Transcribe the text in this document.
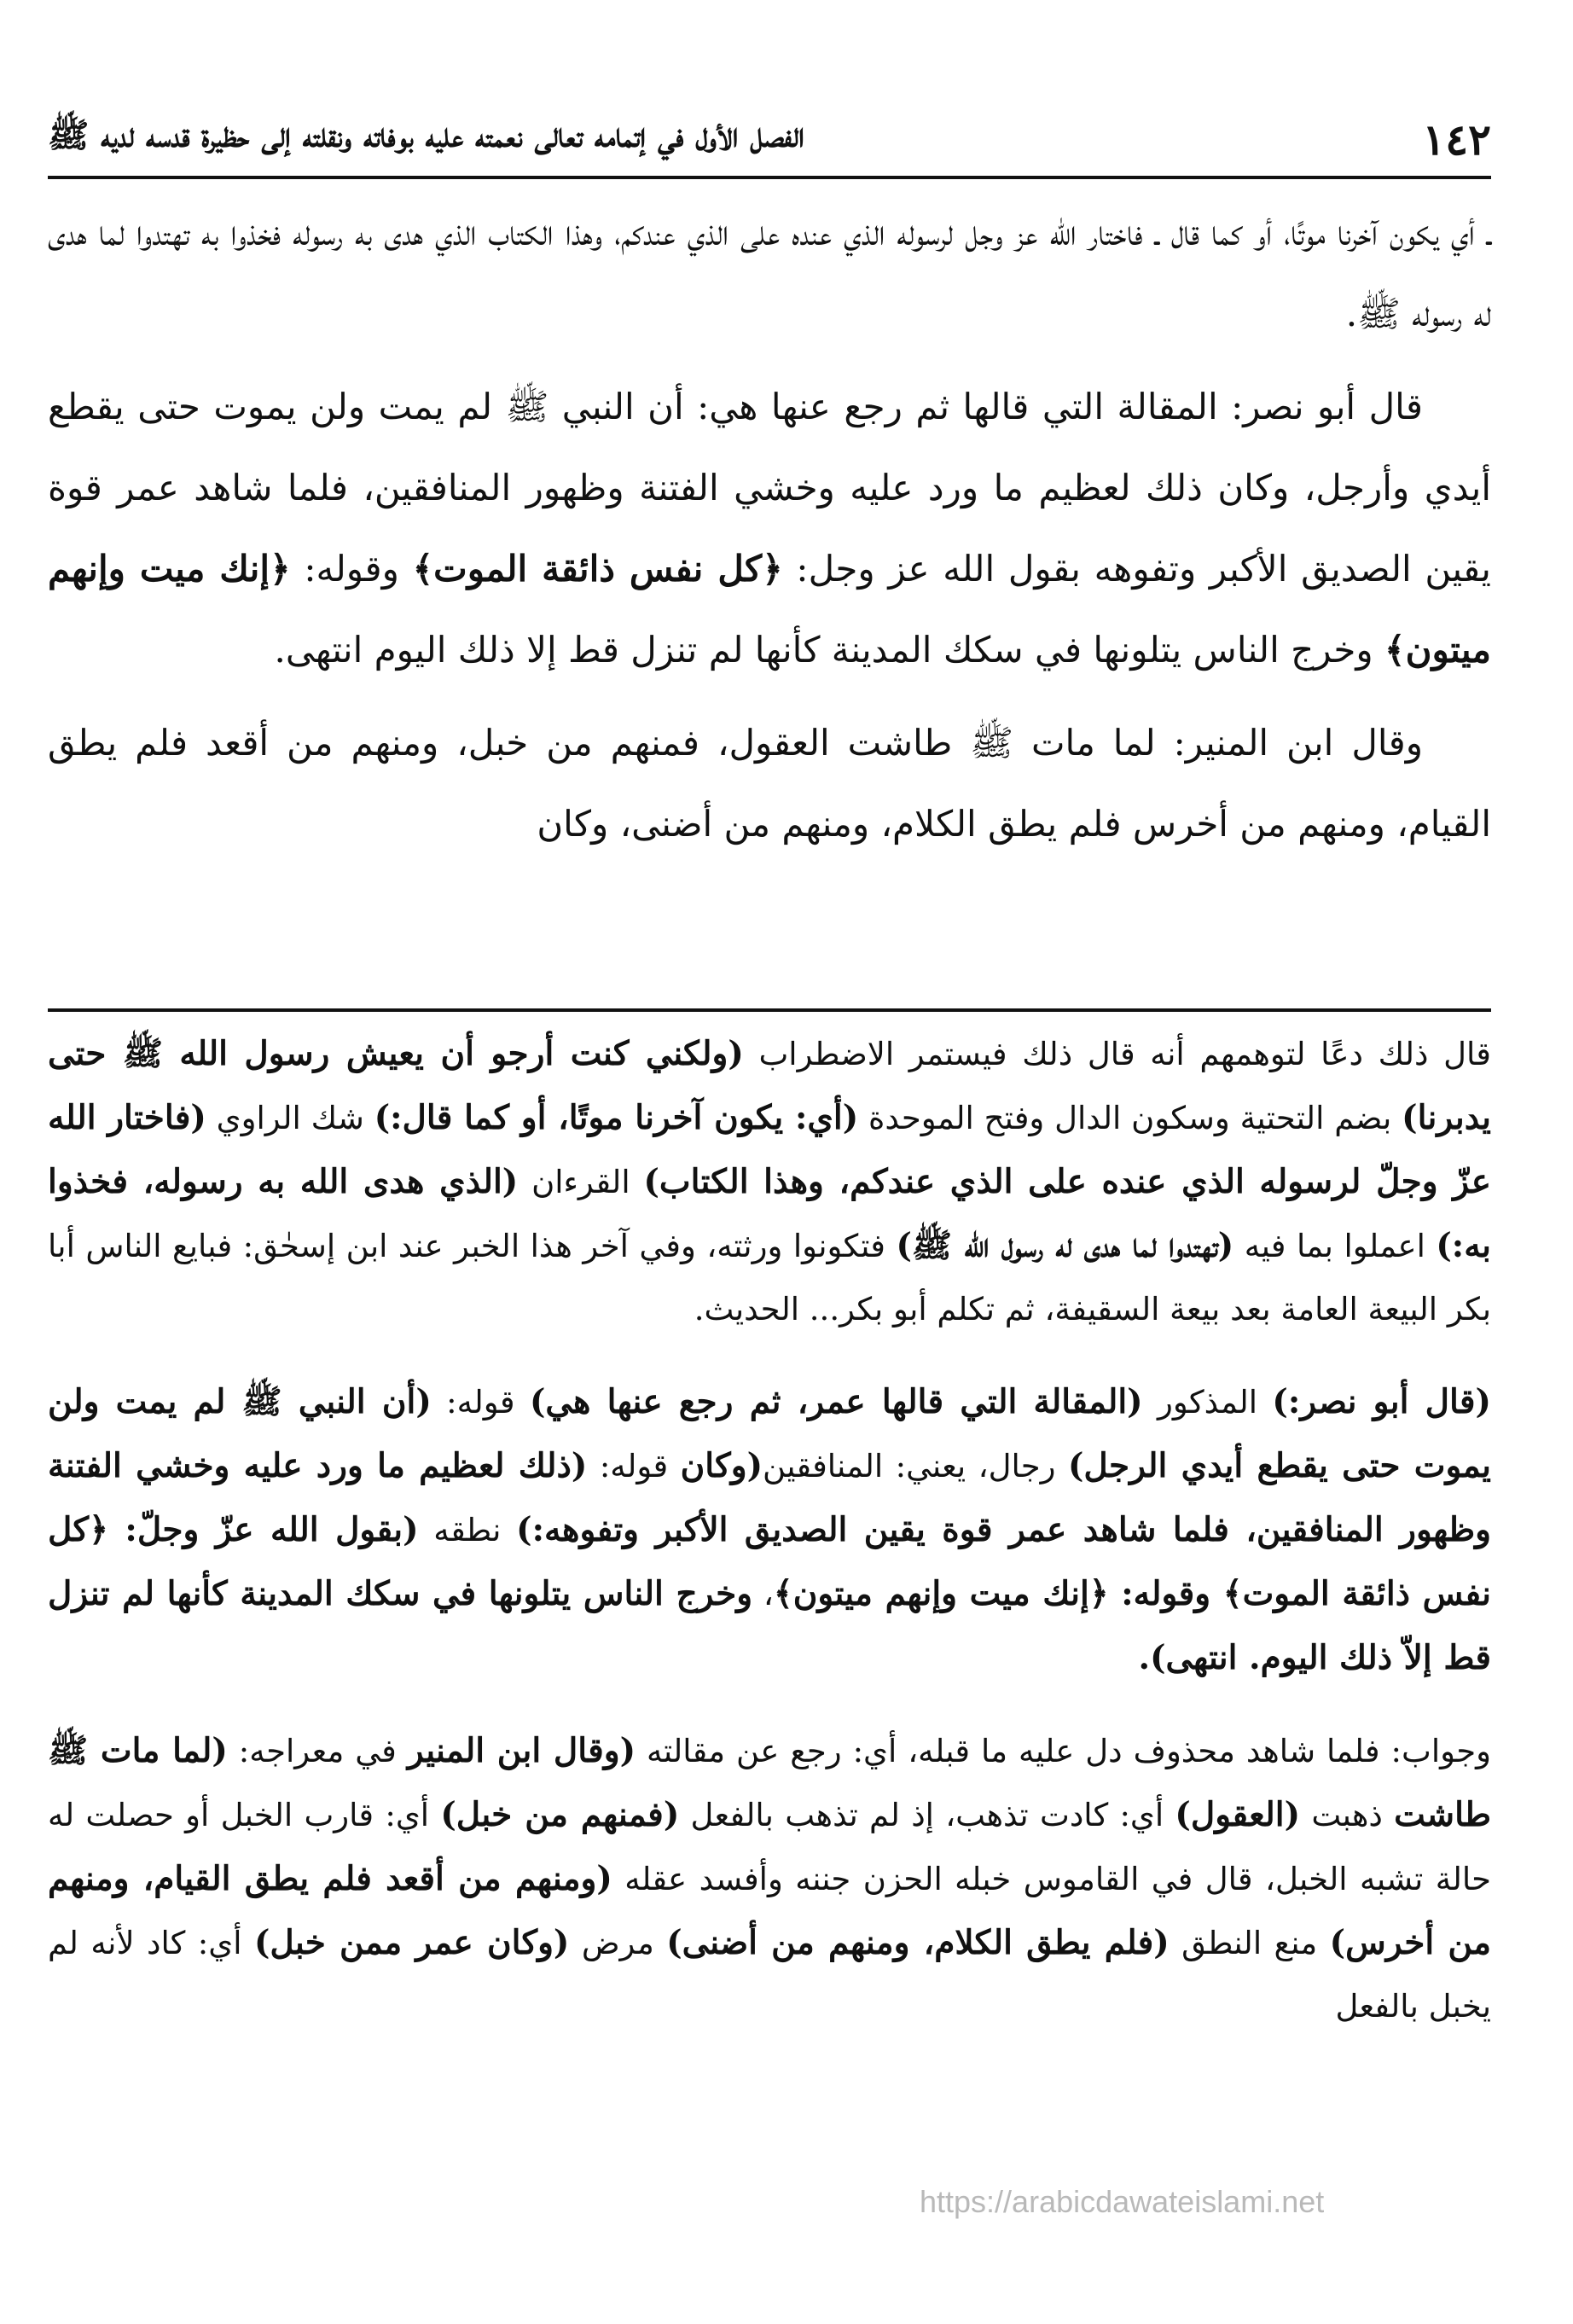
١٤٢
الفصل الأول في إتمامه تعالى نعمته عليه بوفاته ونقلته إلى حظيرة قدسه لديه ﷺ

ـ أي يكون آخرنا موتًا، أو كما قال ـ فاختار الله عز وجل لرسوله الذي عنده على الذي عندكم، وهذا الكتاب الذي هدى به رسوله فخذوا به تهتدوا لما هدى له رسوله ﷺ.

قال أبو نصر: المقالة التي قالها ثم رجع عنها هي: أن النبي ﷺ لم يمت ولن يموت حتى يقطع أيدي وأرجل، وكان ذلك لعظيم ما ورد عليه وخشي الفتنة وظهور المنافقين، فلما شاهد عمر قوة يقين الصديق الأكبر وتفوهه بقول الله عز وجل: ﴿كل نفس ذائقة الموت﴾ وقوله: ﴿إنك ميت وإنهم ميتون﴾ وخرج الناس يتلونها في سكك المدينة كأنها لم تنزل قط إلا ذلك اليوم انتهى.

وقال ابن المنير: لما مات ﷺ طاشت العقول، فمنهم من خبل، ومنهم من أقعد فلم يطق القيام، ومنهم من أخرس فلم يطق الكلام، ومنهم من أضنى، وكان

قال ذلك دعًا لتوهمهم أنه قال ذلك فيستمر الاضطراب (ولكني كنت أرجو أن يعيش رسول الله ﷺ حتى يدبرنا) بضم التحتية وسكون الدال وفتح الموحدة (أي: يكون آخرنا موتًا، أو كما قال:) شك الراوي (فاختار الله عزّ وجلّ لرسوله الذي عنده على الذي عندكم، وهذا الكتاب) القرءان (الذي هدى الله به رسوله، فخذوا به:) اعملوا بما فيه (تهتدوا لما هدى له رسول الله ﷺ) فتكونوا ورثته، وفي آخر هذا الخبر عند ابن إسحٰق: فبايع الناس أبا بكر البيعة العامة بعد بيعة السقيفة، ثم تكلم أبو بكر... الحديث.

(قال أبو نصر:) المذكور (المقالة التي قالها عمر، ثم رجع عنها هي) قوله: (أن النبي ﷺ لم يمت ولن يموت حتى يقطع أيدي الرجل) رجال، يعني: المنافقين(وكان قوله: (ذلك لعظيم ما ورد عليه وخشي الفتنة وظهور المنافقين، فلما شاهد عمر قوة يقين الصديق الأكبر وتفوهه:) نطقه (بقول الله عزّ وجلّ: ﴿كل نفس ذائقة الموت﴾ وقوله: ﴿إنك ميت وإنهم ميتون﴾، وخرج الناس يتلونها في سكك المدينة كأنها لم تنزل قط إلاّ ذلك اليوم. انتهى).

وجواب: فلما شاهد محذوف دل عليه ما قبله، أي: رجع عن مقالته (وقال ابن المنير في معراجه: (لما مات ﷺ طاشت ذهبت (العقول) أي: كادت تذهب، إذ لم تذهب بالفعل (فمنهم من خبل) أي: قارب الخبل أو حصلت له حالة تشبه الخبل، قال في القاموس خبله الحزن جننه وأفسد عقله (ومنهم من أقعد فلم يطق القيام، ومنهم من أخرس) منع النطق (فلم يطق الكلام، ومنهم من أضنى) مرض (وكان عمر ممن خبل) أي: كاد لأنه لم يخبل بالفعل

https://arabicdawateislami.net
